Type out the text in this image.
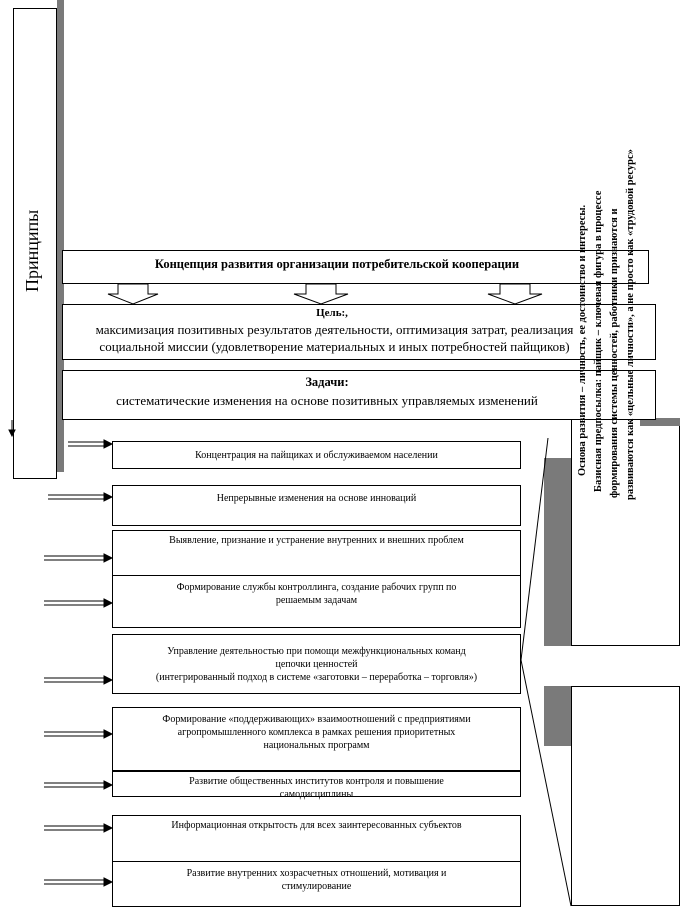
Принципы	Концепция развития организации потребительской кооперации
Цель:,
максимизация позитивных результатов деятельности, оптимизация затрат, реализация
социальной миссии (удовлетворение материальных и иных потребностей пайщиков)
Задачи:
систематические изменения на основе позитивных управляемых изменений
Концентрация на пайщиках и обслуживаемом населении
Непрерывные изменения на основе инноваций
Выявление, признание и устранение внутренних и внешних проблем
Формирование службы контроллинга, создание рабочих групп по
решаемым задачам
Управление деятельностью при помощи межфункциональных команд
цепочки ценностей
(интегрированный подход в системе «заготовки – переработка – торговля»)
Формирование «поддерживающих» взаимоотношений с предприятиями
агропромышленного комплекса в рамках решения приоритетных
национальных программ
Развитие общественных институтов контроля и повышение
самодисциплины
Информационная открытость для всех заинтересованных субъектов
Развитие внутренних хозрасчетных отношений, мотивация и
стимулирование
Основа развития – личность, ее достоинство и интересы. Базисная предпосылка: пайщик – ключевая фигура в процессе формирования системы ценностей, работники признаются и развиваются как «цельные личности», а не просто как «трудовой ресурс»
